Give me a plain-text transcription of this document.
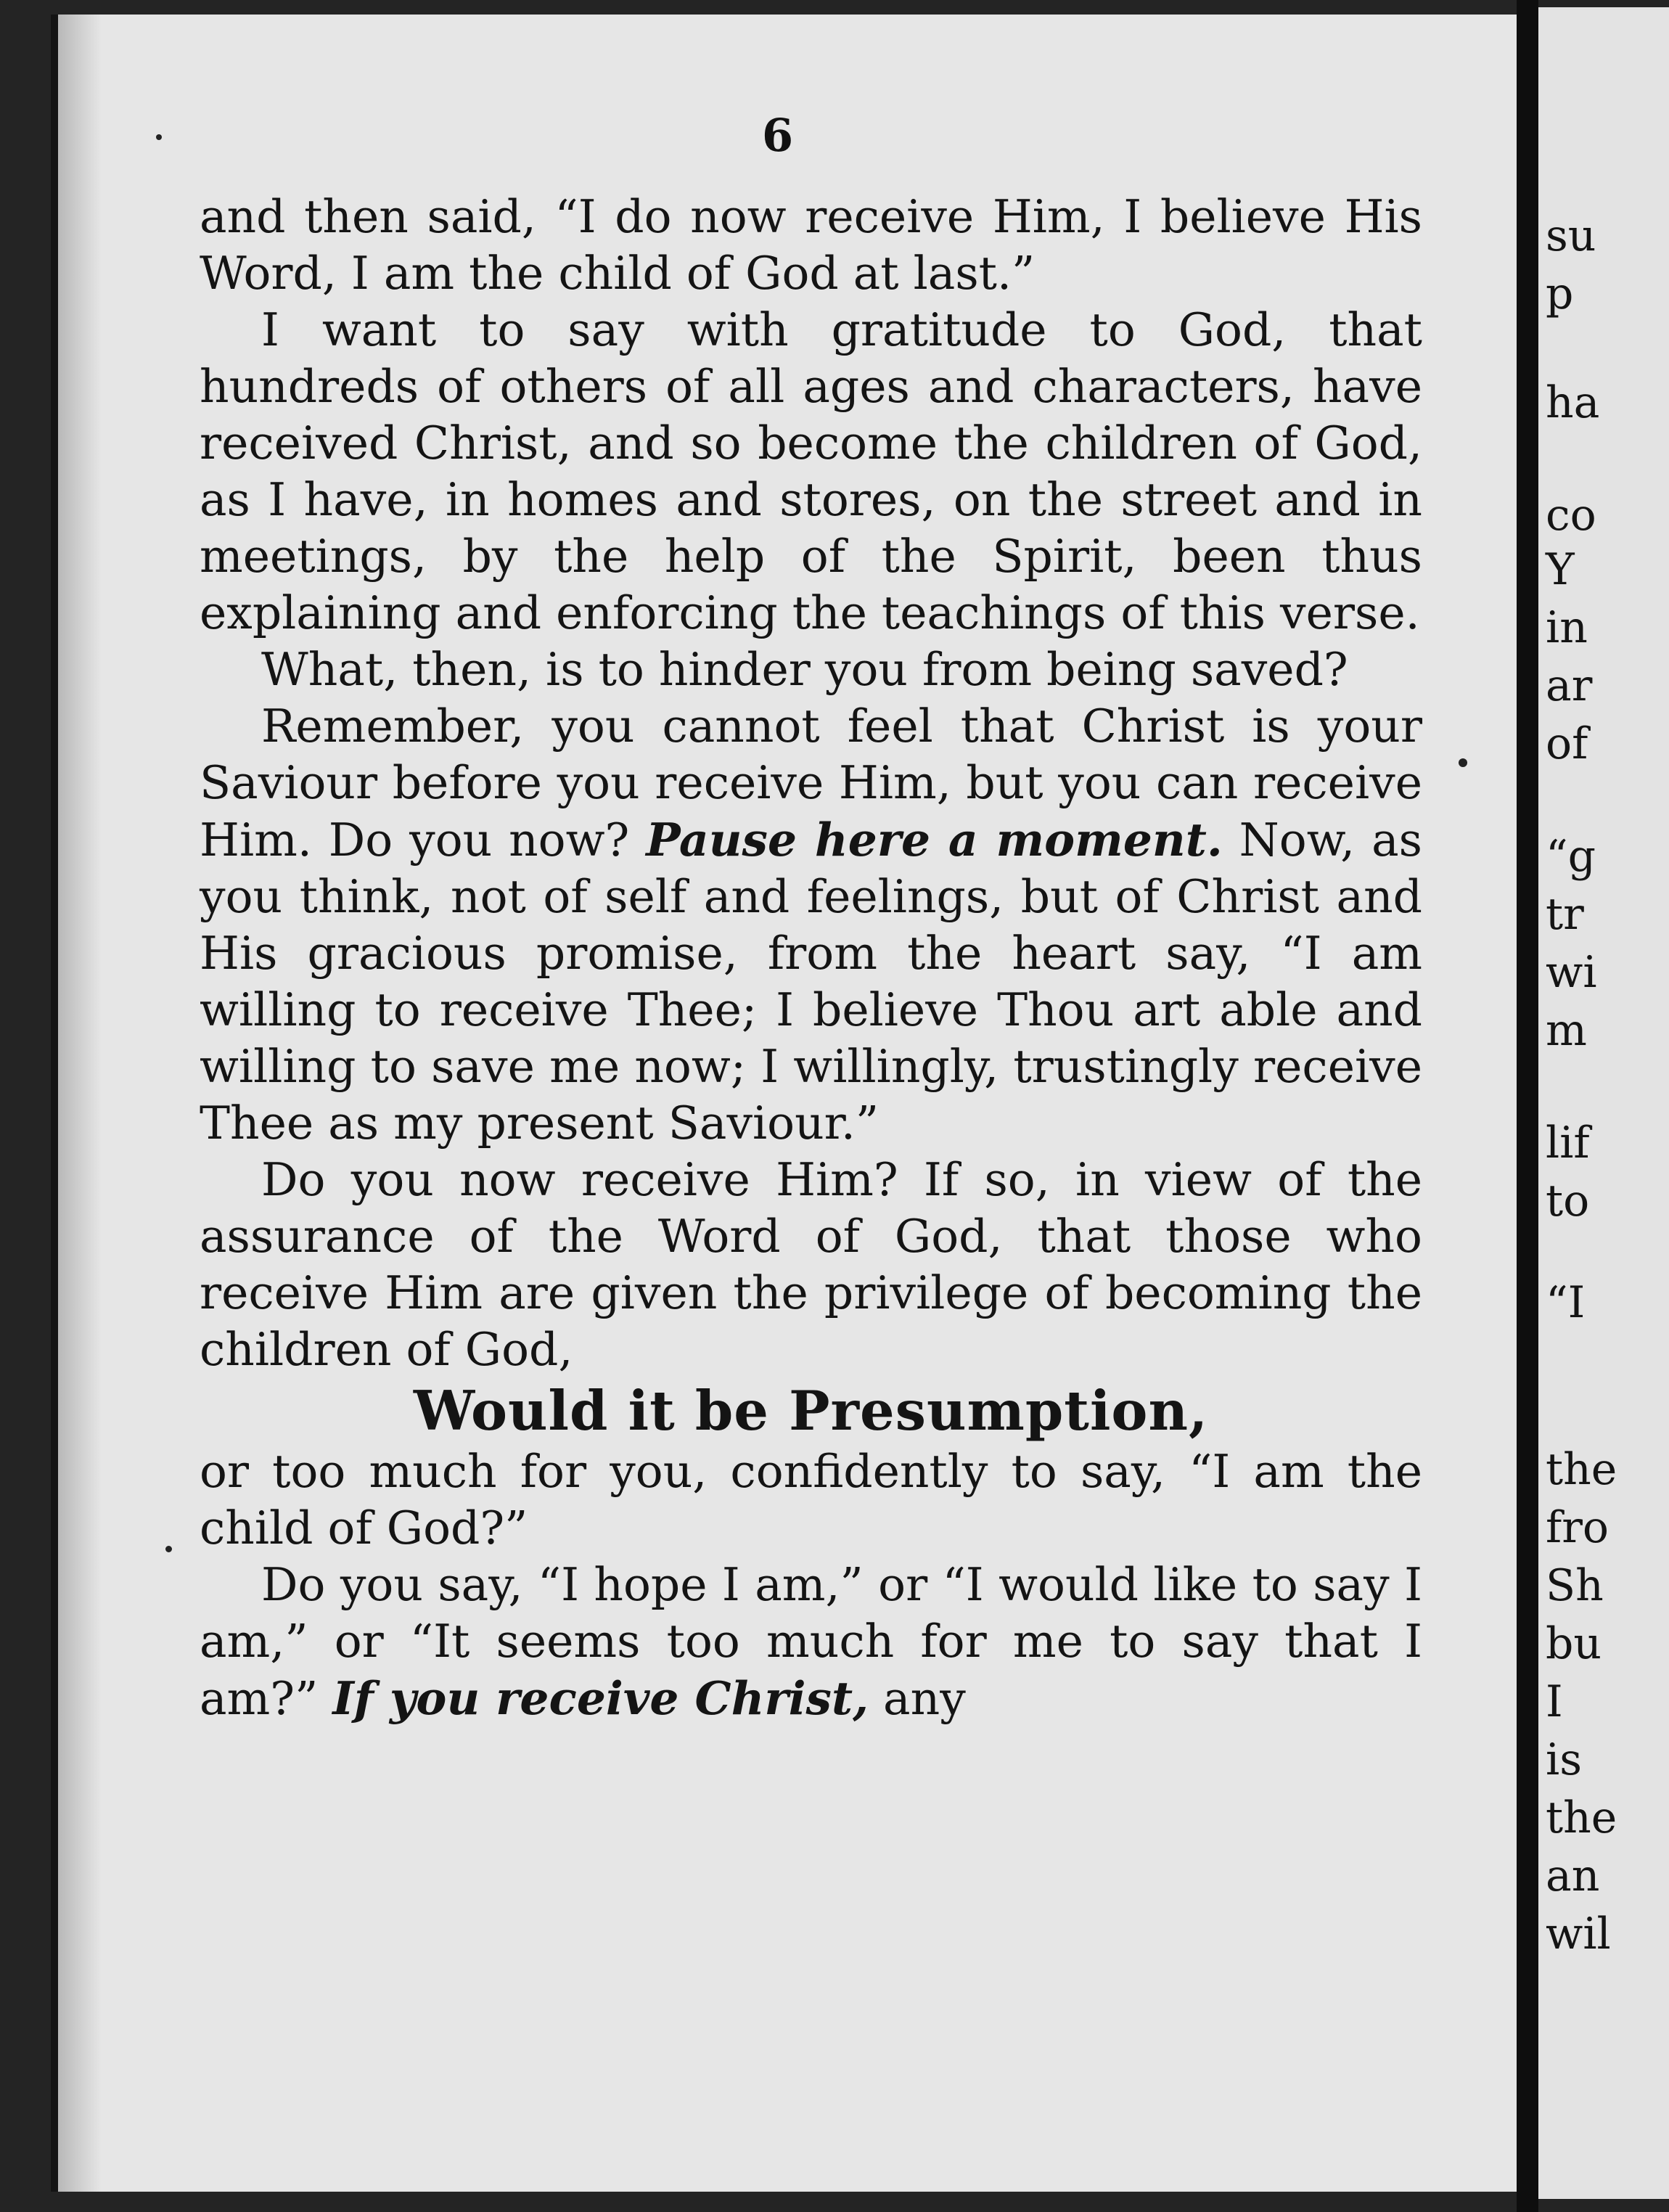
6

and then said, “I do now receive Him, I believe His Word, I am the child of God at last.”

I want to say with gratitude to God, that hundreds of others of all ages and characters, have received Christ, and so become the children of God, as I have, in homes and stores, on the street and in meetings, by the help of the Spirit, been thus explaining and enforcing the teachings of this verse.

What, then, is to hinder you from being saved?

Remember, you cannot feel that Christ is your Saviour before you receive Him, but you can receive Him. Do you now? Pause here a moment. Now, as you think, not of self and feelings, but of Christ and His gracious promise, from the heart say, “I am willing to receive Thee; I believe Thou art able and willing to save me now; I willingly, trustingly receive Thee as my present Saviour.”

Do you now receive Him? If so, in view of the assurance of the Word of God, that those who receive Him are given the privilege of becoming the children of God,

Would it be Presumption,

or too much for you, confidently to say, “I am the child of God?”

Do you say, “I hope I am,” or “I would like to say I am,” or “It seems too much for me to say that I am?” If you receive Christ, any

su
p
ha
co
Y
in
ar
of
“g
tr
wi
m
lif
to
“I
the
fro
Sh
bu
I
is
the
an
wil
